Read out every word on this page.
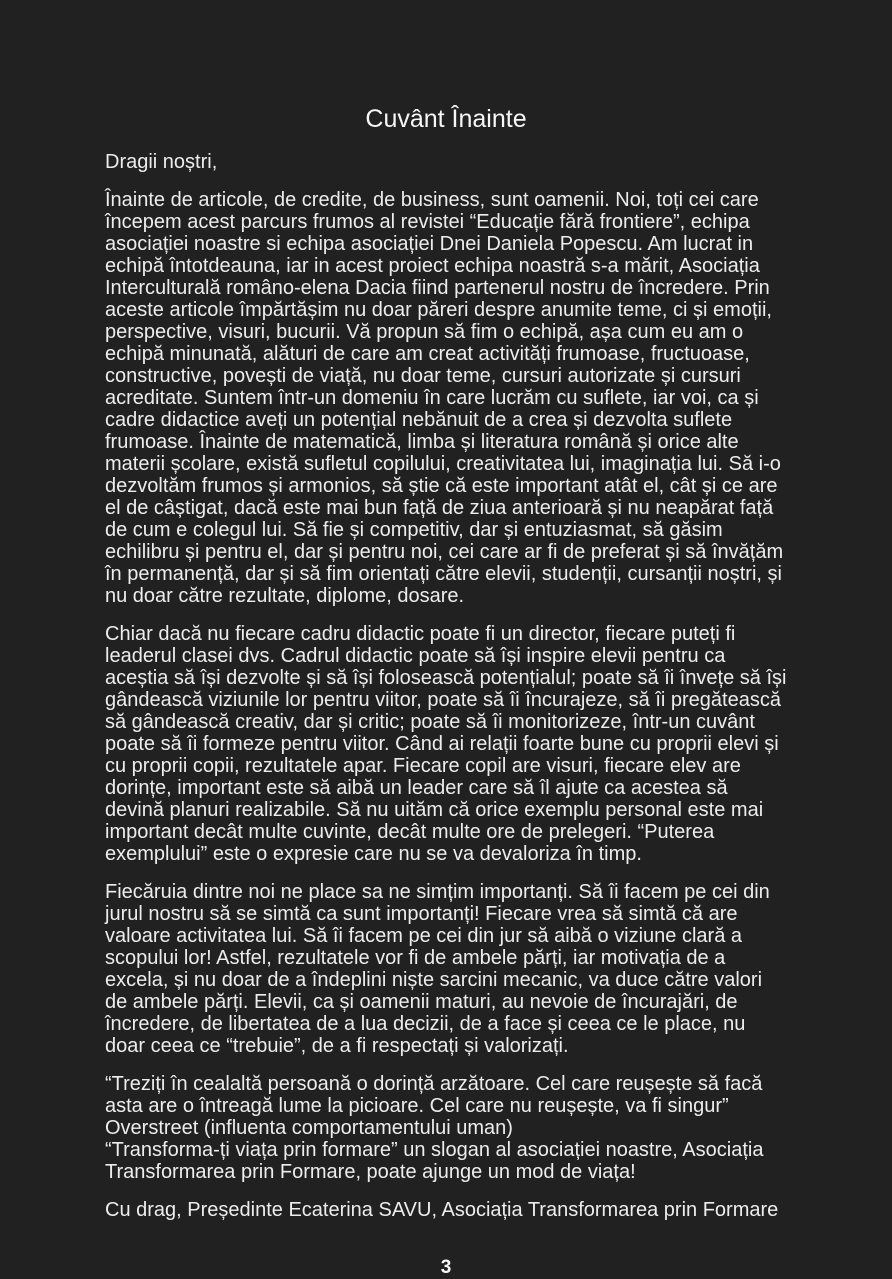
Cuvânt Înainte
Dragii noștri,
Înainte de articole, de credite, de business, sunt oamenii. Noi, toți cei care începem acest parcurs frumos al revistei “Educație fără frontiere”, echipa asociației noastre si echipa asociației Dnei Daniela Popescu. Am lucrat in echipă întotdeauna, iar in acest proiect echipa noastră s-a mărit, Asociația Interculturală româno-elena Dacia fiind partenerul nostru de încredere. Prin aceste articole împărtășim nu doar păreri despre anumite teme, ci și emoții, perspective, visuri, bucurii. Vă propun să fim o echipă, așa cum eu am o echipă minunată, alături de care am creat activități frumoase, fructuoase, constructive, povești de viață, nu doar teme, cursuri autorizate și cursuri acreditate. Suntem într-un domeniu în care lucrăm cu suflete, iar voi, ca și cadre didactice aveți un potențial nebănuit de a crea și dezvolta suflete frumoase. Înainte de matematică, limba și literatura română și orice alte materii școlare, există sufletul copilului, creativitatea lui, imaginația lui. Să i-o dezvoltăm frumos și armonios, să știe că este important atât el, cât și ce are el de câștigat, dacă este mai bun față de ziua anterioară și nu neapărat față de cum e colegul lui. Să fie și competitiv, dar și entuziasmat, să găsim echilibru și pentru el, dar și pentru noi, cei care ar fi de preferat și să învățăm în permanență, dar și să fim orientați către elevii, studenții, cursanții noștri, și nu doar către rezultate, diplome, dosare.
Chiar dacă nu fiecare cadru didactic poate fi un director, fiecare puteți fi leaderul clasei dvs. Cadrul didactic poate să își inspire elevii pentru ca aceștia să își dezvolte și să își folosească potențialul; poate să îi învețe să își gândească viziunile lor pentru viitor, poate să îi încurajeze, să îi pregătească să gândească creativ, dar și critic; poate să îi monitorizeze, într-un cuvânt poate să îi formeze pentru viitor. Când ai relații foarte bune cu proprii elevi și cu proprii copii, rezultatele apar. Fiecare copil are visuri, fiecare elev are dorințe, important este să aibă un leader care să îl ajute ca acestea să devină planuri realizabile. Să nu uităm că orice exemplu personal este mai important decât multe cuvinte, decât multe ore de prelegeri. “Puterea exemplului” este o expresie care nu se va devaloriza în timp.
Fiecăruia dintre noi ne place sa ne simțim importanți. Să îi facem pe cei din jurul nostru să se simtă ca sunt importanți! Fiecare vrea să simtă că are valoare activitatea lui. Să îi facem pe cei din jur să aibă o viziune clară a scopului lor! Astfel, rezultatele vor fi de ambele părți, iar motivația de a excela, și nu doar de a îndeplini niște sarcini mecanic, va duce către valori de ambele părți. Elevii, ca și oamenii maturi, au nevoie de încurajări, de încredere, de libertatea de a lua decizii, de a face și ceea ce le place, nu doar ceea ce “trebuie”, de a fi respectați și valorizați.
“Treziți în cealaltă persoană o dorință arzătoare. Cel care reușește să facă asta are o întreagă lume la picioare. Cel care nu reușește, va fi singur” Overstreet (influenta comportamentului uman)
“Transforma-ți viața prin formare” un slogan al asociației noastre, Asociația Transformarea prin Formare, poate ajunge un mod de viața!
Cu drag, Președinte Ecaterina SAVU, Asociația Transformarea prin Formare
3
